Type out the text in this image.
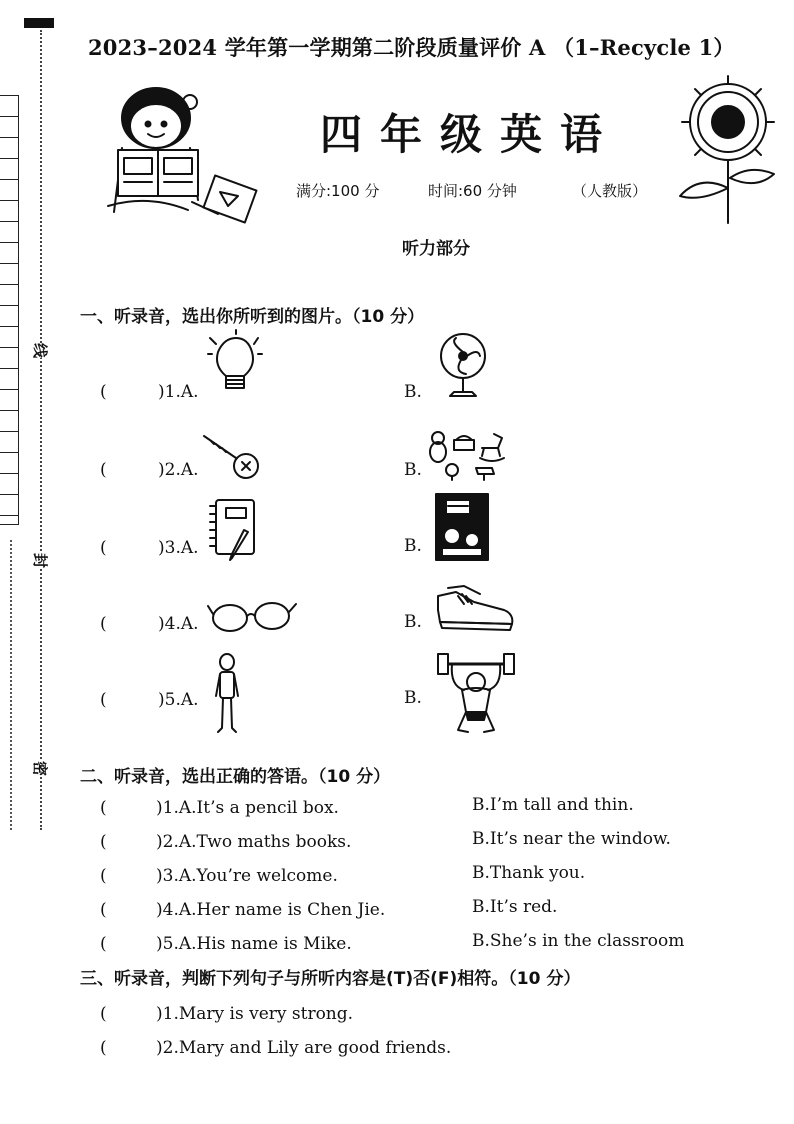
线
封
密
2023–2024 学年第一学期第二阶段质量评价 A （1–Recycle 1）
四年级英语
满分:100 分	时间:60 分钟	（人教版）
听力部分
一、听录音，选出你所听到的图片。（10 分）
(	)1.A.	B.
(	)2.A.	B.
(	)3.A.	B.
(	)4.A.	B.
(	)5.A.	B.
二、听录音，选出正确的答语。（10 分）
(	)1.A.It’s a pencil box.	B.I’m tall and thin.
(	)2.A.Two maths books.	B.It’s near the window.
(	)3.A.You’re welcome.	B.Thank you.
(	)4.A.Her name is Chen Jie.	B.It’s red.
(	)5.A.His name is Mike.	B.She’s in the classroom
三、听录音，判断下列句子与所听内容是(T)否(F)相符。（10 分）
(	)1.Mary is very strong.
(	)2.Mary and Lily are good friends.
